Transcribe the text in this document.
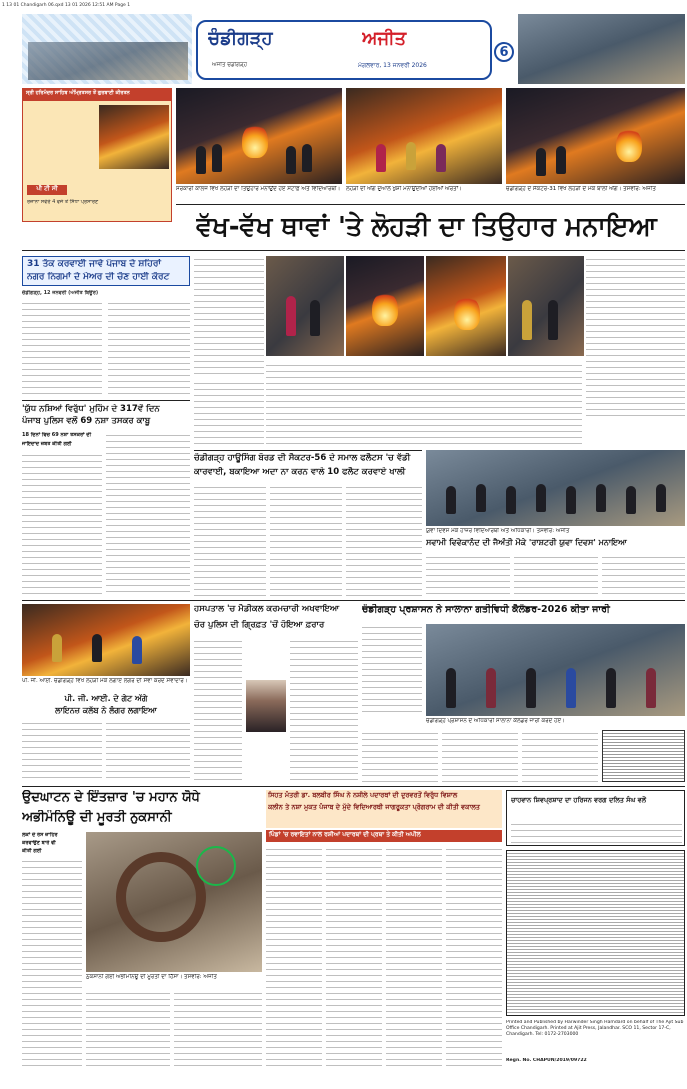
1 13 01 Chandigarh 06.qxd 13 01 2026 12:51 AM Page 1
ਚੰਡੀਗੜ੍ਹ	ਅਜੀਤ
ਅਜੀਤ ਚੰਡੀਗੜ੍ਹ	ਮੰਗਲਵਾਰ, 13 ਜਨਵਰੀ 2026
6
ਸ੍ਰੀ ਹਰਿਮੰਦਰ ਸਾਹਿਬ ਅੰਮ੍ਰਿਤਸਰ ਤੋਂ ਗੁਰਬਾਣੀ ਕੀਰਤਨ
ਪੀ ਟੀ ਸੀ
ਰੋਜ਼ਾਨਾ ਸਵੇਰੇ 4 ਵਜੇ ਤੋਂ ਸਿੱਧਾ ਪ੍ਰਸਾਰਣ
ਸਰਕਾਰੀ ਕਾਲਜ ਵਿਖੇ ਲੋਹੜੀ ਦਾ ਤਿਉਹਾਰ ਮਨਾਉਂਦੇ ਹੋਏ ਸਟਾਫ਼ ਅਤੇ ਵਿਦਿਆਰਥੀ।	ਲੋਹੜੀ ਦੀ ਅੱਗ ਦੁਆਲੇ ਖੁਸ਼ੀ ਮਨਾਉਂਦੀਆਂ ਹੋਈਆਂ ਔਰਤਾਂ।	ਚੰਡੀਗੜ੍ਹ ਦੇ ਸੈਕਟਰ-31 ਵਿਖੇ ਲੋਹੜੀ ਦੇ ਮੌਕੇ ਬਾਲੀ ਅੱਗ। ਤਸਵੀਰ: ਅਜੀਤ
ਵੱਖ-ਵੱਖ ਥਾਵਾਂ 'ਤੇ ਲੋਹੜੀ ਦਾ ਤਿਉਹਾਰ ਮਨਾਇਆ
31 ਤੱਕ ਕਰਵਾਈ ਜਾਵੇ ਪੰਜਾਬ ਦੇ ਸ਼ਹਿਰਾਂ
ਨਗਰ ਨਿਗਮਾਂ ਦੇ ਮੇਅਰ ਦੀ ਚੋਣ ਹਾਈ ਕੋਰਟ
ਚੰਡੀਗੜ੍ਹ, 12 ਜਨਵਰੀ (ਅਜੀਤ ਬਿਊਰੋ)
'ਯੁੱਧ ਨਸ਼ਿਆਂ ਵਿਰੁੱਧ' ਮੁਹਿੰਮ ਦੇ 317ਵੇਂ ਦਿਨ
ਪੰਜਾਬ ਪੁਲਿਸ ਵਲੋਂ 69 ਨਸ਼ਾ ਤਸਕਰ ਕਾਬੂ
18 ਦਿਨਾਂ ਵਿਚ 69 ਨਸ਼ਾ ਤਸਕਰਾਂ ਦੀ
ਜਾਇਦਾਦ ਜ਼ਬਤ ਕੀਤੀ ਗਈ
ਚੰਡੀਗੜ੍ਹ ਹਾਊਸਿੰਗ ਬੋਰਡ ਦੀ ਸੈਕਟਰ-56 ਦੇ ਸਮਾਲ ਫਲੈਟਸ 'ਚ ਵੱਡੀ
ਕਾਰਵਾਈ, ਬਕਾਇਆ ਅਦਾ ਨਾ ਕਰਨ ਵਾਲੇ 10 ਫਲੈਟ ਕਰਵਾਏ ਖਾਲੀ
ਯੁਵਾ ਦਿਵਸ ਮੌਕੇ ਹਾਜ਼ਰ ਵਿਦਿਆਰਥੀ ਅਤੇ ਅਧਿਕਾਰੀ। ਤਸਵੀਰ: ਅਜੀਤ
ਸਵਾਮੀ ਵਿਵੇਕਾਨੰਦ ਦੀ ਜੈਅੰਤੀ ਮੌਕੇ 'ਰਾਸ਼ਟਰੀ ਯੁਵਾ ਦਿਵਸ' ਮਨਾਇਆ
ਪੀ. ਜੀ. ਆਈ. ਚੰਡੀਗੜ੍ਹ ਵਿਖੇ ਲੋਹੜੀ ਮੌਕੇ ਲਗਾਏ ਲੰਗਰ ਦੀ ਸੇਵਾ ਕਰਦੇ ਸੇਵਾਦਾਰ।
ਪੀ. ਜੀ. ਆਈ. ਦੇ ਗੇਟ ਅੱਗੇ
ਲਾਇਨਜ਼ ਕਲੱਬ ਨੇ ਲੰਗਰ ਲਗਾਇਆ
ਹਸਪਤਾਲ 'ਚ ਮੈਡੀਕਲ ਕਰਮਚਾਰੀ ਅਖਵਾਇਆ
ਚੋਰ ਪੁਲਿਸ ਦੀ ਗ੍ਰਿਫ਼ਤ 'ਚੋਂ ਹੋਇਆ ਫ਼ਰਾਰ
ਚੰਡੀਗੜ੍ਹ ਪ੍ਰਸ਼ਾਸਨ ਨੇ ਸਾਲਾਨਾ ਗਤੀਵਿਧੀ ਕੈਲੰਡਰ-2026 ਕੀਤਾ ਜਾਰੀ
ਚੰਡੀਗੜ੍ਹ ਪ੍ਰਸ਼ਾਸਨ ਦੇ ਅਧਿਕਾਰੀ ਸਾਲਾਨਾ ਕੈਲੰਡਰ ਜਾਰੀ ਕਰਦੇ ਹੋਏ।
ਉਦਘਾਟਨ ਦੇ ਇੰਤਜ਼ਾਰ 'ਚ ਮਹਾਨ ਯੋਧੇ
ਅਭੀਮੰਨਿਊ ਦੀ ਮੂਰਤੀ ਨੁਕਸਾਨੀ
ਲੋਕਾਂ ਦੇ ਰੋਸ ਜ਼ਾਹਿਰ
ਕਰਵਾਉਣ ਬਾਰੇ ਵੀ
ਕੀਤੀ ਗਈ
ਨੁਕਸਾਨੀ ਗਈ ਅਭੀਮੰਨਿਊ ਦੀ ਮੂਰਤੀ ਦਾ ਹਿੱਸਾ। ਤਸਵੀਰ: ਅਜੀਤ
ਸਿਹਤ ਮੰਤਰੀ ਡਾ. ਬਲਬੀਰ ਸਿੰਘ ਨੇ ਨਸ਼ੀਲੇ ਪਦਾਰਥਾਂ ਦੀ ਦੁਰਵਰਤੋਂ ਵਿਰੁੱਧ ਵਿਸ਼ਾਲ
ਕਲੀਨ ਤੇ ਨਸ਼ਾ ਮੁਕਤ ਪੰਜਾਬ ਦੇ ਮੁੱਦੇ ਵਿਦਿਆਰਥੀ ਜਾਗਰੂਕਤਾ ਪ੍ਰੋਗਰਾਮ ਦੀ ਕੀਤੀ ਵਕਾਲਤ
ਪਿੰਡਾਂ 'ਚ ਰਵਾਇਤਾਂ ਨਾਲ ਰਸ਼ੀਆਂ ਪਦਾਰਥਾਂ ਦੀ ਪ੍ਰਥਾ ਤੇ ਕੀਤੀ ਅਪੀਲ
ਚਾਹਵਾਨ ਸ਼ਿਵਪ੍ਰਸ਼ਾਦ ਦਾ ਹਰਿਜਨ ਵਰਗ ਦਲਿਤ ਸੰਘ ਵਲੋਂ
Printed and Published by Harwinder Singh Hamdard on behalf of The Ajit Sub Office Chandigarh. Printed at Ajit Press, Jalandhar. SCO 11, Sector 17-C, Chandigarh. Tel: 0172-2703000
Regn. No. CHAPUN/2019/09722
